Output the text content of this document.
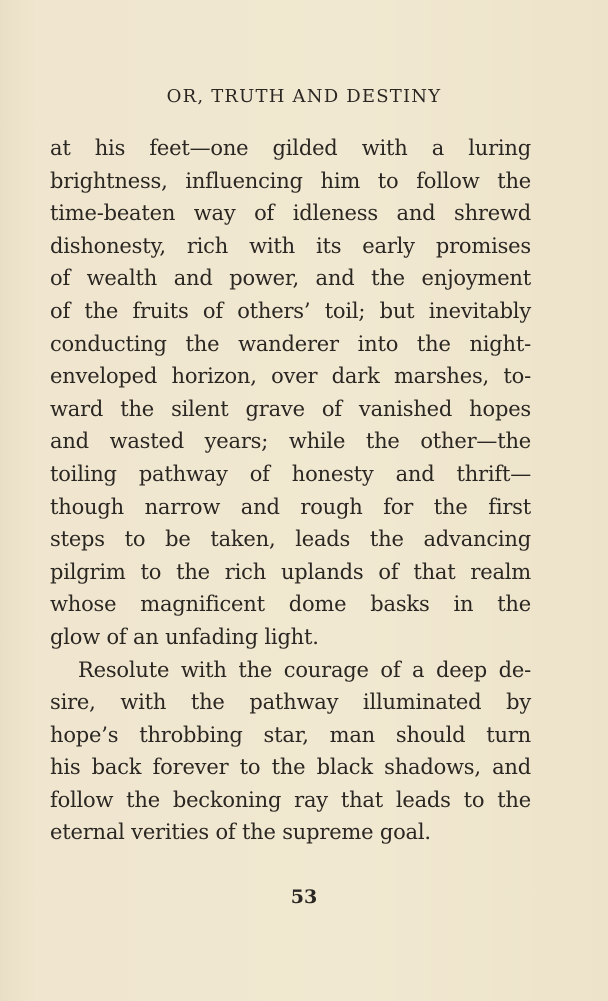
OR, TRUTH AND DESTINY

at his feet—one gilded with a luring
brightness, influencing him to follow the
time-beaten way of idleness and shrewd
dishonesty, rich with its early promises
of wealth and power, and the enjoyment
of the fruits of others’ toil; but inevitably
conducting the wanderer into the night-
enveloped horizon, over dark marshes, to-
ward the silent grave of vanished hopes
and wasted years; while the other—the
toiling pathway of honesty and thrift—
though narrow and rough for the first
steps to be taken, leads the advancing
pilgrim to the rich uplands of that realm
whose magnificent dome basks in the
glow of an unfading light.

Resolute with the courage of a deep de-
sire, with the pathway illuminated by
hope’s throbbing star, man should turn
his back forever to the black shadows, and
follow the beckoning ray that leads to the
eternal verities of the supreme goal.

53
